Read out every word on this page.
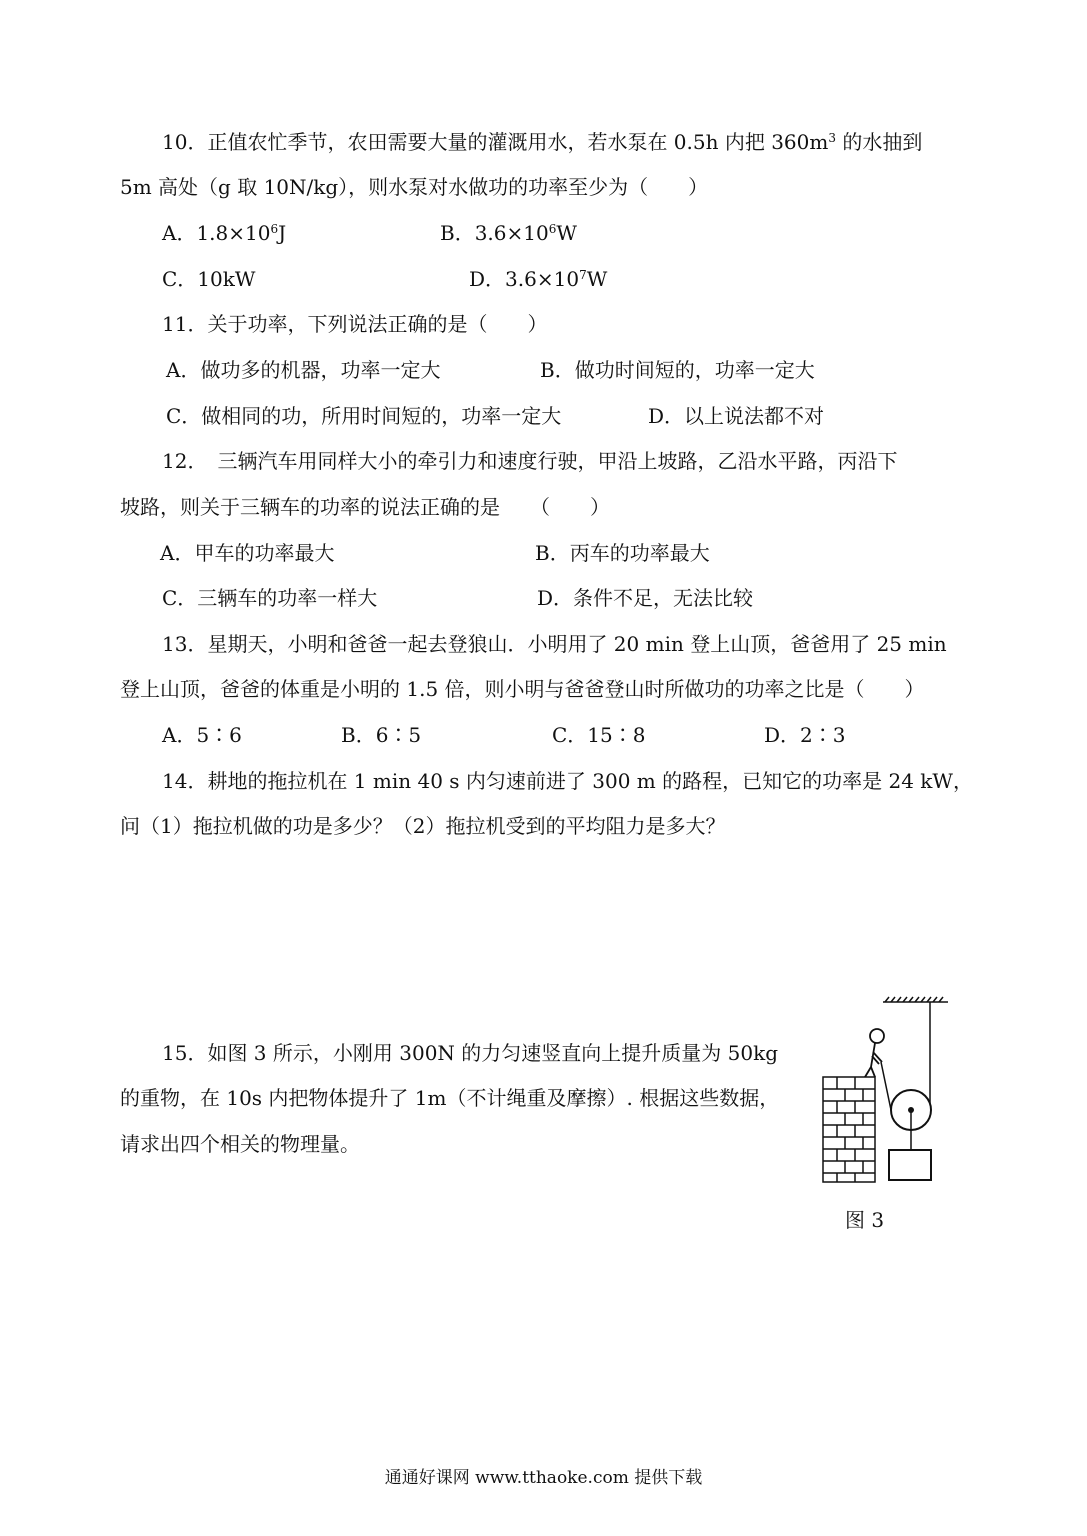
10．正值农忙季节，农田需要大量的灌溉用水，若水泵在 0.5h 内把 $360m^3$ 的水抽到
5m 高处（g 取 10N/kg），则水泵对水做功的功率至少为（　　）
A．$1.8\times 10^6J$	B．$3.6\times 10^6W$
C．10kW	D．$3.6\times 10^7W$
11．关于功率，下列说法正确的是（　　）
A．做功多的机器，功率一定大	B．做功时间短的，功率一定大
C．做相同的功，所用时间短的，功率一定大	D．以上说法都不对
12．　三辆汽车用同样大小的牵引力和速度行驶，甲沿上坡路，乙沿水平路，丙沿下
坡路，则关于三辆车的功率的说法正确的是　　（　　）
A．甲车的功率最大	B．丙车的功率最大
C．三辆车的功率一样大	D．条件不足，无法比较
13．星期天，小明和爸爸一起去登狼山．小明用了 20 min 登上山顶，爸爸用了 25 min
登上山顶，爸爸的体重是小明的 1.5 倍，则小明与爸爸登山时所做功的功率之比是（　　）
A．5∶6	B．6∶5	C．15∶8	D．2∶3
14．耕地的拖拉机在 1 min 40 s 内匀速前进了 300 m 的路程，已知它的功率是 24 kW，
问（1）拖拉机做的功是多少？（2）拖拉机受到的平均阻力是多大？
15．如图 3 所示，小刚用 300N 的力匀速竖直向上提升质量为 50kg
的重物，在 10s 内把物体提升了 1m（不计绳重及摩擦）. 根据这些数据，
请求出四个相关的物理量。
图 3
通通好课网 www.tthaoke.com 提供下载
